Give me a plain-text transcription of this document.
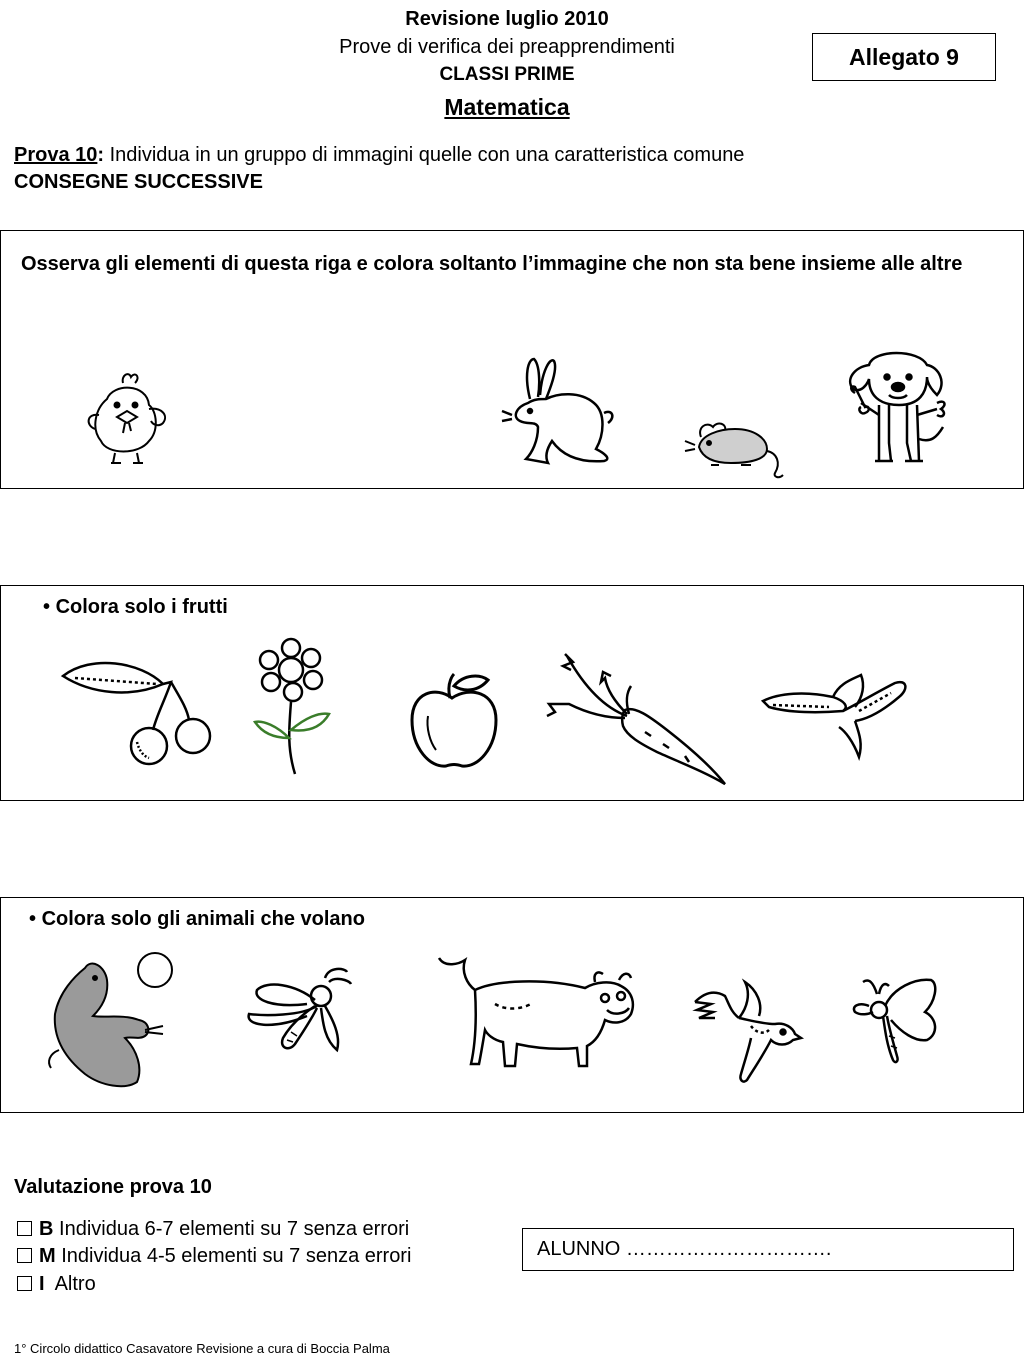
Revisione luglio 2010
Prove di verifica dei preapprendimenti
CLASSI PRIME
Matematica
Allegato 9
Prova 10: Individua in un gruppo di immagini quelle con una caratteristica comune
CONSEGNE SUCCESSIVE
Osserva gli elementi di questa riga e colora soltanto l’immagine che non sta bene insieme alle altre
• Colora solo i frutti
• Colora solo gli animali che volano
Valutazione prova 10
B Individua 6-7 elementi su 7 senza errori
M Individua 4-5 elementi su 7 senza errori
I  Altro
ALUNNO ………………………….
1° Circolo didattico Casavatore Revisione a cura di Boccia Palma
